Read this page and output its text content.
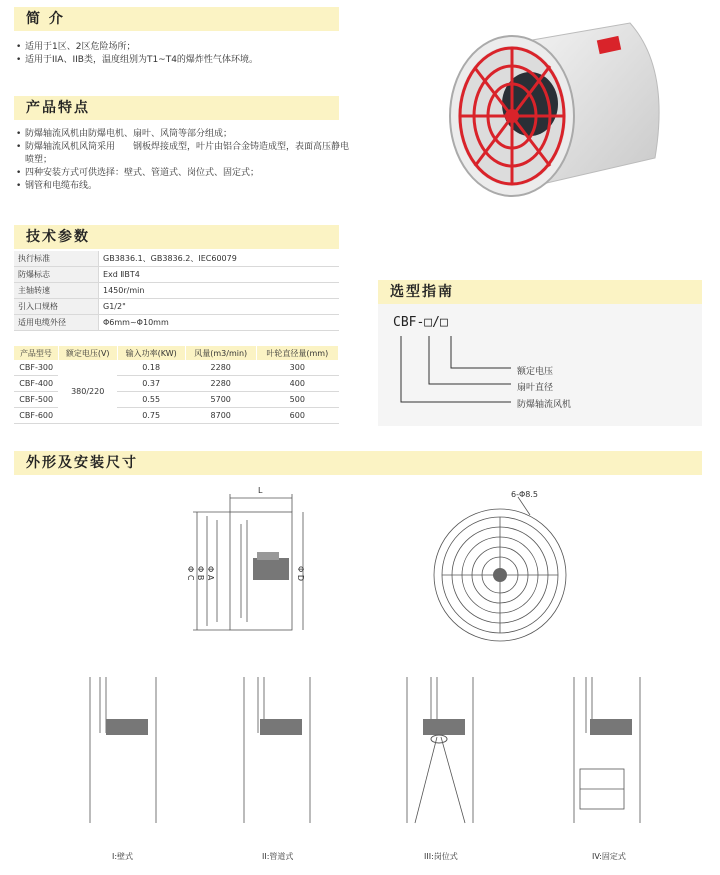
简 介
• 适用于1区、2区危险场所；
• 适用于IIA、IIB类，温度组别为T1~T4的爆炸性气体环境。
产品特点
• 防爆轴流风机由防爆电机、扇叶、风筒等部分组成；
• 防爆轴流风机风筒采用　　钢板焊接成型，叶片由铝合金铸造成型，表面高压静电喷塑；
• 四种安装方式可供选择：壁式、管道式、岗位式、固定式；
• 钢管和电缆布线。
技术参数
执行标准	GB3836.1、GB3836.2、IEC60079
防爆标志	Exd ⅡBT4
主轴转速	1450r/min
引入口规格	G1/2"
适用电缆外径	Φ6mm~Φ10mm
产品型号	额定电压(V)	输入功率(KW)	风量(m3/min)	叶轮直径量(mm)
CBF-300	380/220	0.18	2280	300
CBF-400		0.37	2280	400
CBF-500		0.55	5700	500
CBF-600		0.75	8700	600
选型指南
CBF-□/□
额定电压
扇叶直径
防爆轴流风机
外形及安装尺寸
L
Φ C Φ B Φ A	Φ D
6-Φ8.5
I:壁式	II:管道式	III:岗位式	IV:固定式
